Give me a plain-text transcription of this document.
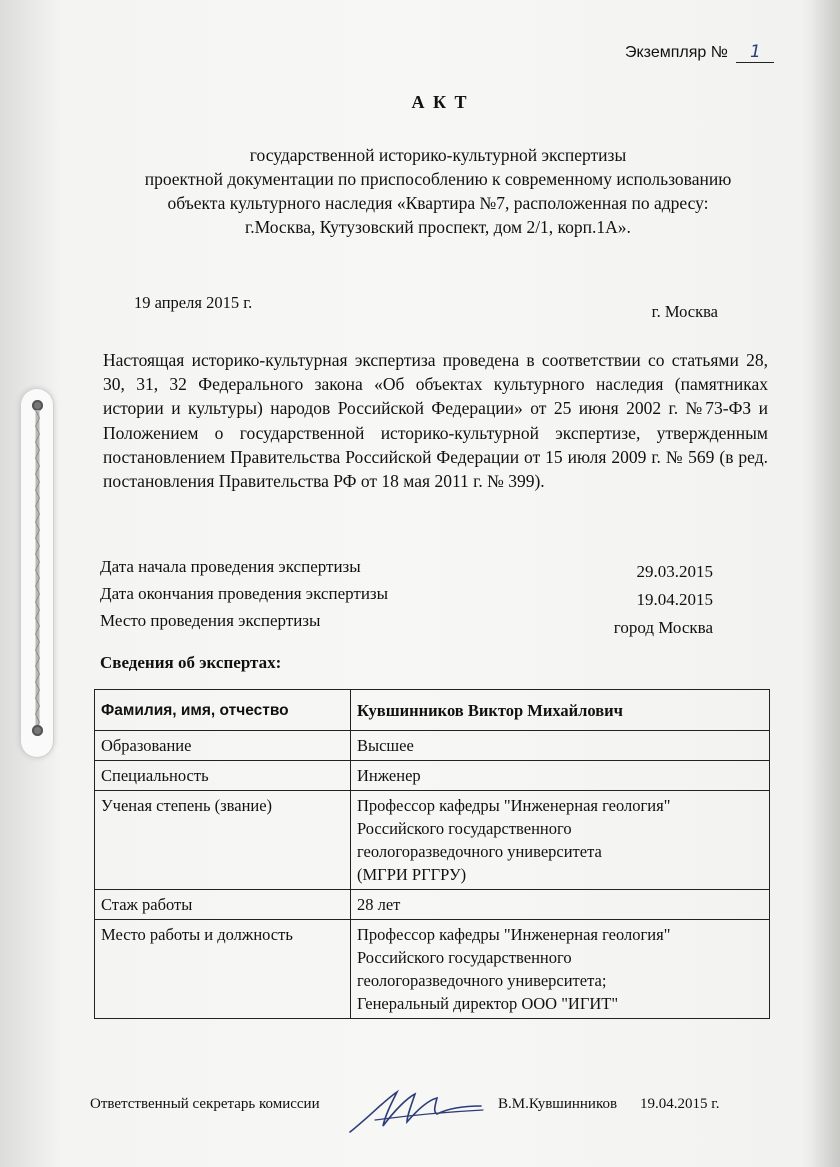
Экземпляр № 1
А К Т
государственной историко-культурной экспертизы
проектной документации по приспособлению к современному использованию
объекта культурного наследия «Квартира №7, расположенная по адресу:
г.Москва, Кутузовский проспект, дом 2/1, корп.1А».
19 апреля 2015 г.	г. Москва
Настоящая историко-культурная экспертиза проведена в соответствии со статьями 28, 30, 31, 32 Федерального закона «Об объектах культурного наследия (памятниках истории и культуры) народов Российской Федерации» от 25 июня 2002 г. №73-ФЗ и Положением о государственной историко-культурной экспертизе, утвержденным постановлением Правительства Российской Федерации от 15 июля 2009 г. № 569 (в ред. постановления Правительства РФ от 18 мая 2011 г. № 399).
Дата начала проведения экспертизы	29.03.2015
Дата окончания проведения экспертизы	19.04.2015
Место проведения экспертизы	город Москва
Сведения об экспертах:
Фамилия, имя, отчество	Кувшинников Виктор Михайлович
Образование	Высшее

Специальность	Инженер

Ученая степень (звание)	Профессор кафедры "Инженерная геология"
Российского государственного
геологоразведочного университета
(МГРИ РГГРУ)

Стаж работы	28 лет

Место работы и должность	Профессор кафедры "Инженерная геология"
Российского государственного
геологоразведочного университета;
Генеральный директор ООО "ИГИТ"
Ответственный секретарь комиссии	В.М.Кувшинников 19.04.2015 г.
